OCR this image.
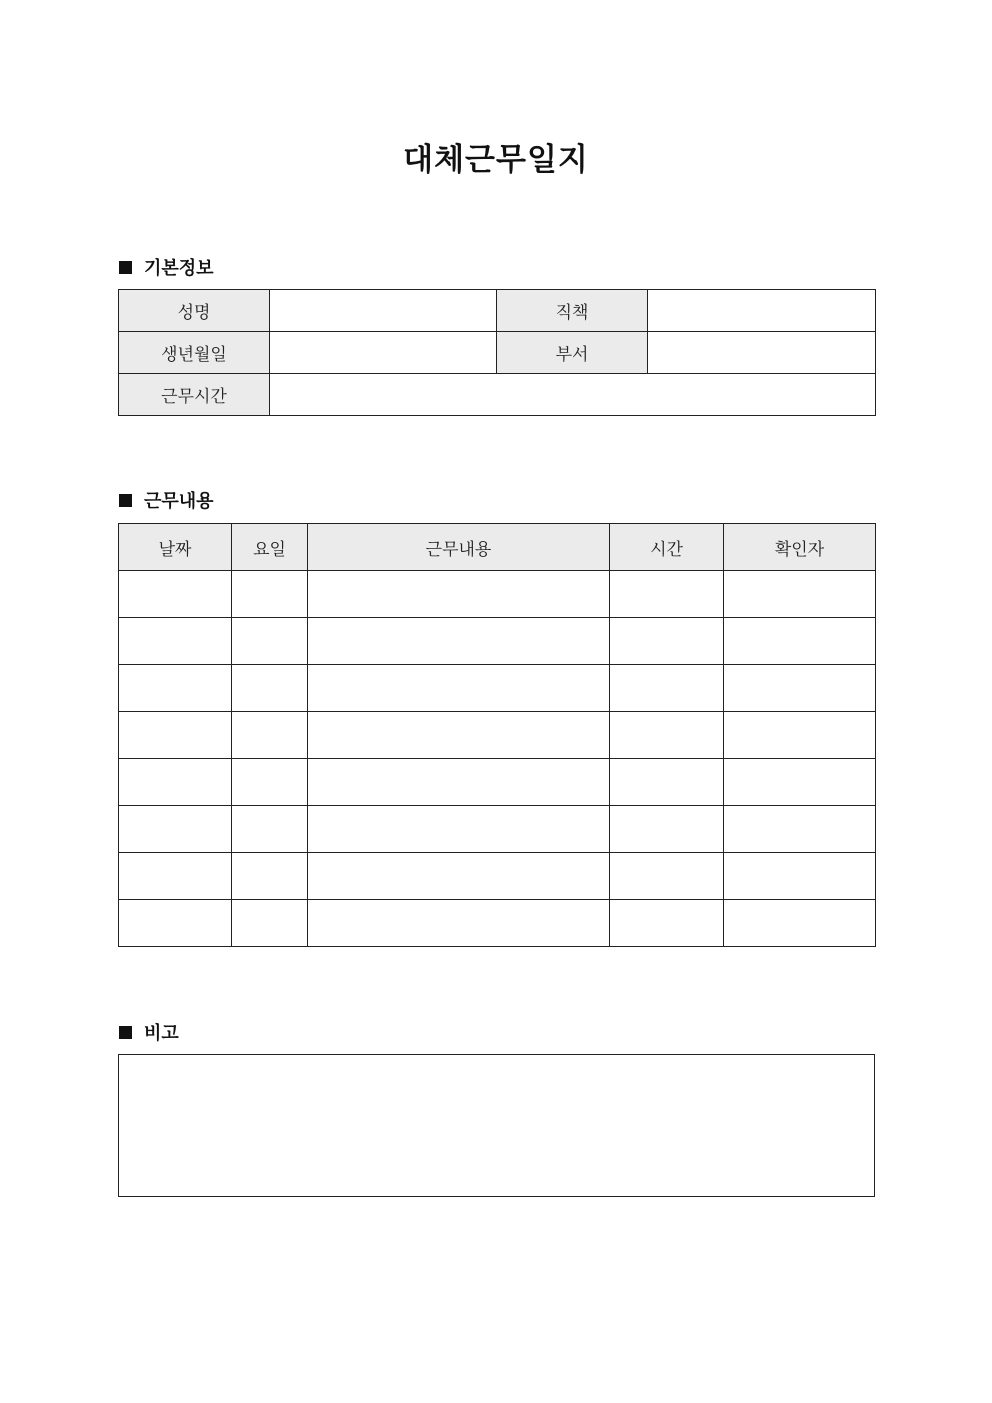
대체근무일지
기본정보
성명		직책	
생년월일		부서	
근무시간			
근무내용
날짜	요일	근무내용	시간	확인자

비고
